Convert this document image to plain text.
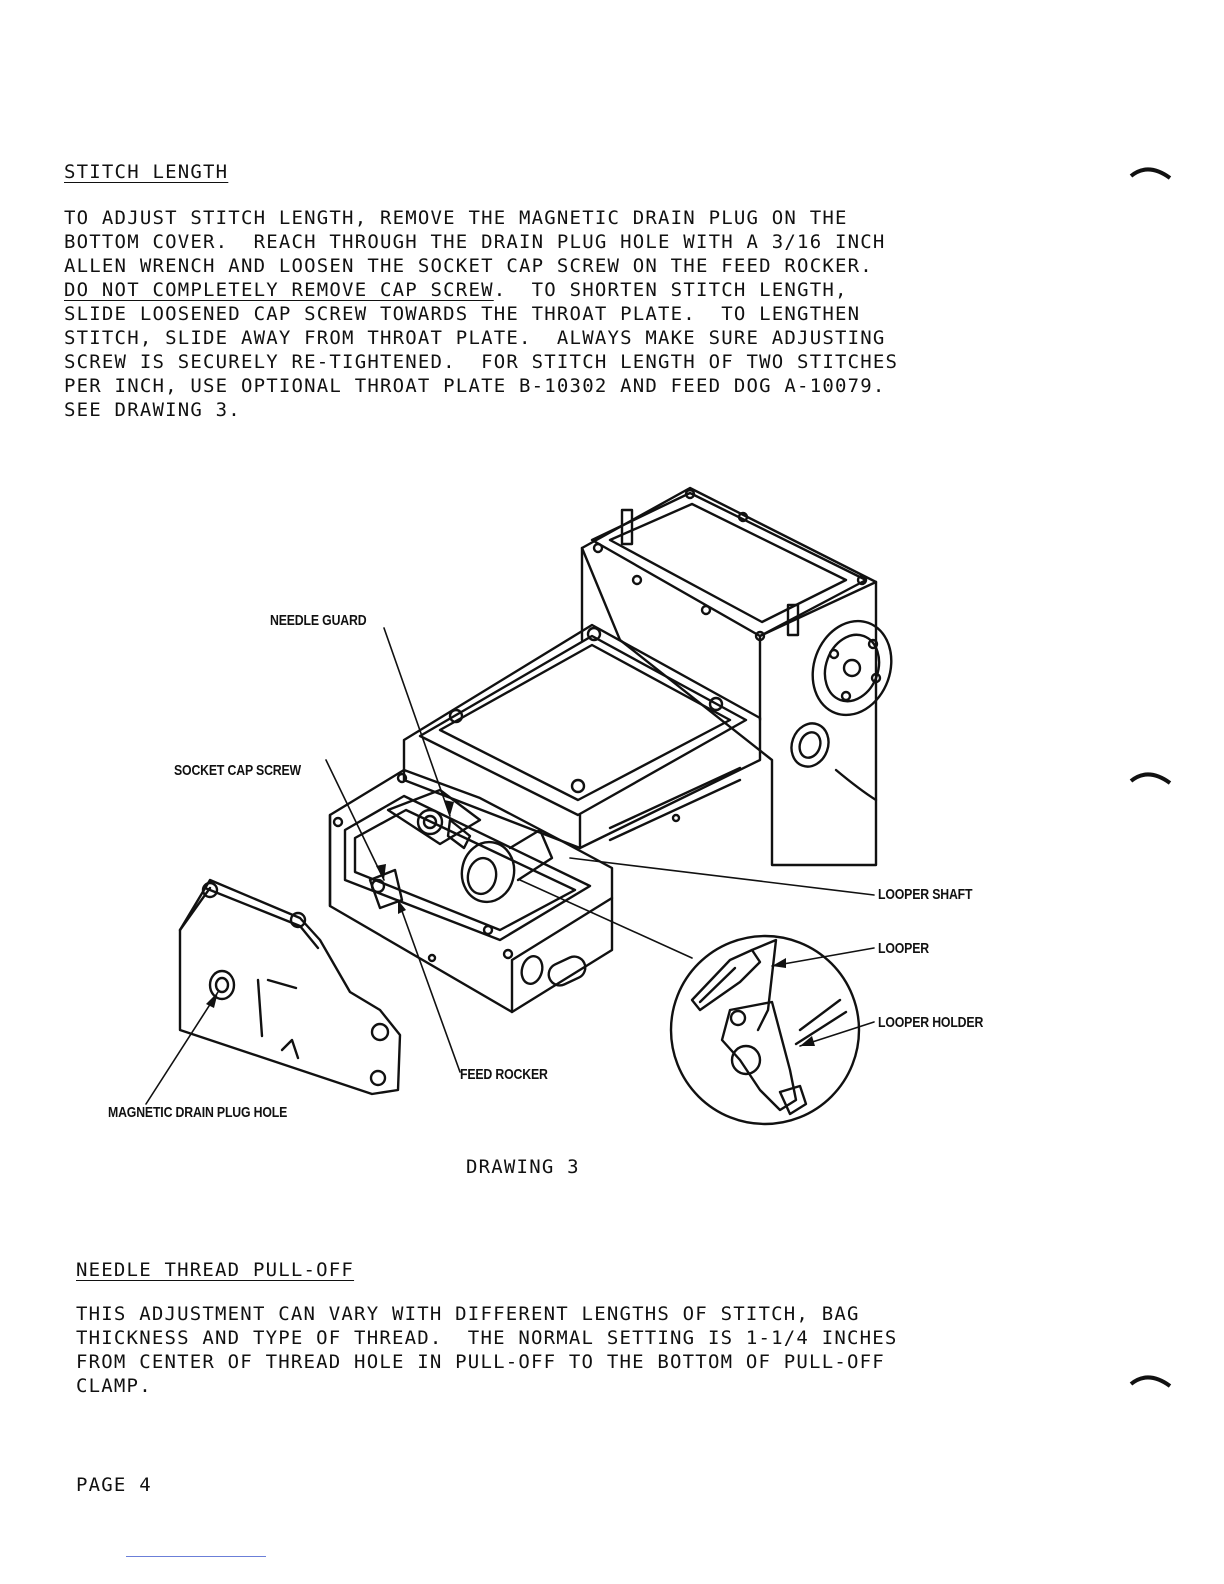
STITCH LENGTH
TO ADJUST STITCH LENGTH, REMOVE THE MAGNETIC DRAIN PLUG ON THE
BOTTOM COVER.  REACH THROUGH THE DRAIN PLUG HOLE WITH A 3/16 INCH
ALLEN WRENCH AND LOOSEN THE SOCKET CAP SCREW ON THE FEED ROCKER.
DO NOT COMPLETELY REMOVE CAP SCREW.  TO SHORTEN STITCH LENGTH,
SLIDE LOOSENED CAP SCREW TOWARDS THE THROAT PLATE.  TO LENGTHEN
STITCH, SLIDE AWAY FROM THROAT PLATE.  ALWAYS MAKE SURE ADJUSTING
SCREW IS SECURELY RE-TIGHTENED.  FOR STITCH LENGTH OF TWO STITCHES
PER INCH, USE OPTIONAL THROAT PLATE B-10302 AND FEED DOG A-10079.
SEE DRAWING 3.
NEEDLE GUARD
SOCKET CAP SCREW
LOOPER SHAFT
LOOPER
LOOPER HOLDER
FEED ROCKER
MAGNETIC DRAIN PLUG HOLE
DRAWING 3
NEEDLE THREAD PULL-OFF
THIS ADJUSTMENT CAN VARY WITH DIFFERENT LENGTHS OF STITCH, BAG
THICKNESS AND TYPE OF THREAD.  THE NORMAL SETTING IS 1-1/4 INCHES
FROM CENTER OF THREAD HOLE IN PULL-OFF TO THE BOTTOM OF PULL-OFF
CLAMP.
PAGE 4
